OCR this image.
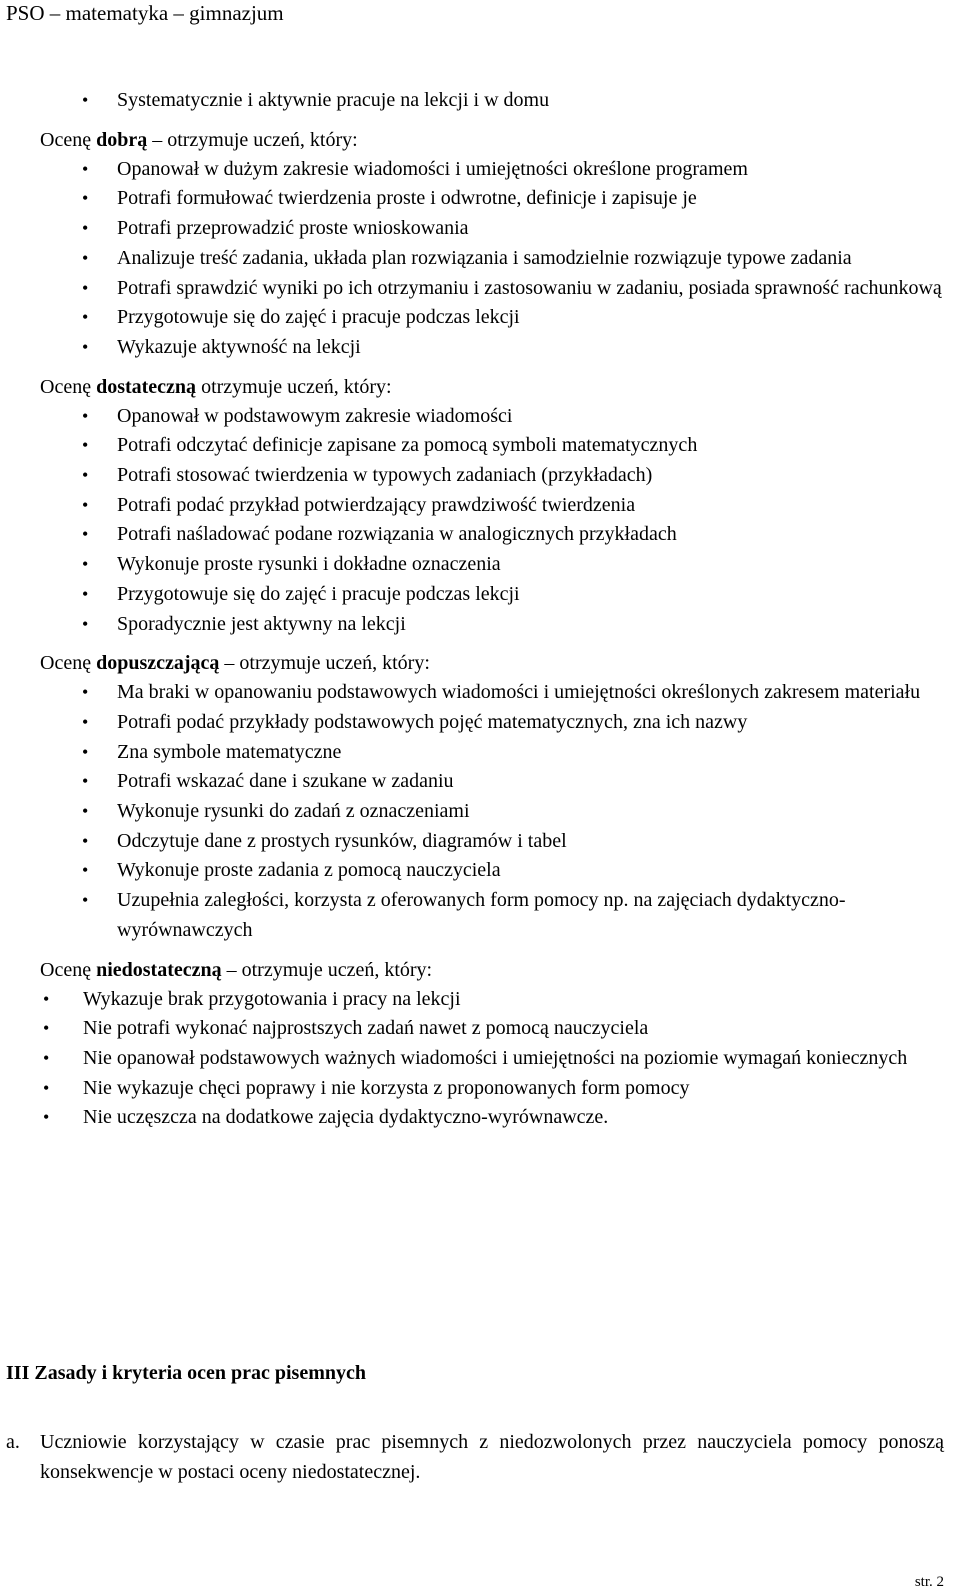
PSO – matematyka – gimnazjum
• Systematycznie i aktywnie pracuje na lekcji i w domu
Ocenę dobrą – otrzymuje uczeń, który:
• Opanował w dużym zakresie wiadomości i umiejętności określone programem
• Potrafi formułować twierdzenia proste i odwrotne, definicje i zapisuje je
• Potrafi przeprowadzić proste wnioskowania
• Analizuje treść zadania, układa plan rozwiązania i samodzielnie rozwiązuje typowe zadania
• Potrafi sprawdzić wyniki po ich otrzymaniu i zastosowaniu w zadaniu, posiada sprawność rachunkową
• Przygotowuje się do zajęć i pracuje podczas lekcji
• Wykazuje aktywność na lekcji
Ocenę dostateczną otrzymuje uczeń, który:
• Opanował w podstawowym zakresie wiadomości
• Potrafi odczytać definicje zapisane za pomocą symboli matematycznych
• Potrafi stosować twierdzenia w typowych zadaniach (przykładach)
• Potrafi podać przykład potwierdzający prawdziwość twierdzenia
• Potrafi naśladować podane rozwiązania w analogicznych przykładach
• Wykonuje proste rysunki i dokładne oznaczenia
• Przygotowuje się do zajęć i pracuje podczas lekcji
• Sporadycznie jest aktywny na lekcji
Ocenę dopuszczającą – otrzymuje uczeń, który:
• Ma braki w opanowaniu podstawowych wiadomości i umiejętności określonych zakresem materiału
• Potrafi podać przykłady podstawowych pojęć matematycznych, zna ich nazwy
• Zna symbole matematyczne
• Potrafi wskazać dane i szukane w zadaniu
• Wykonuje rysunki do zadań z oznaczeniami
• Odczytuje dane z prostych rysunków, diagramów i tabel
• Wykonuje proste zadania z pomocą nauczyciela
• Uzupełnia zaległości, korzysta z oferowanych form pomocy np. na zajęciach dydaktyczno-wyrównawczych
Ocenę niedostateczną – otrzymuje uczeń, który:
• Wykazuje brak przygotowania i pracy na lekcji
• Nie potrafi wykonać najprostszych zadań nawet z pomocą nauczyciela
• Nie opanował podstawowych ważnych wiadomości i umiejętności na poziomie wymagań koniecznych
• Nie wykazuje chęci poprawy i nie korzysta z proponowanych form pomocy
• Nie uczęszcza na dodatkowe zajęcia dydaktyczno-wyrównawcze.
III Zasady i kryteria ocen prac pisemnych
a. Uczniowie korzystający w czasie prac pisemnych z niedozwolonych przez nauczyciela pomocy ponoszą konsekwencje w postaci oceny niedostatecznej.
str. 2
